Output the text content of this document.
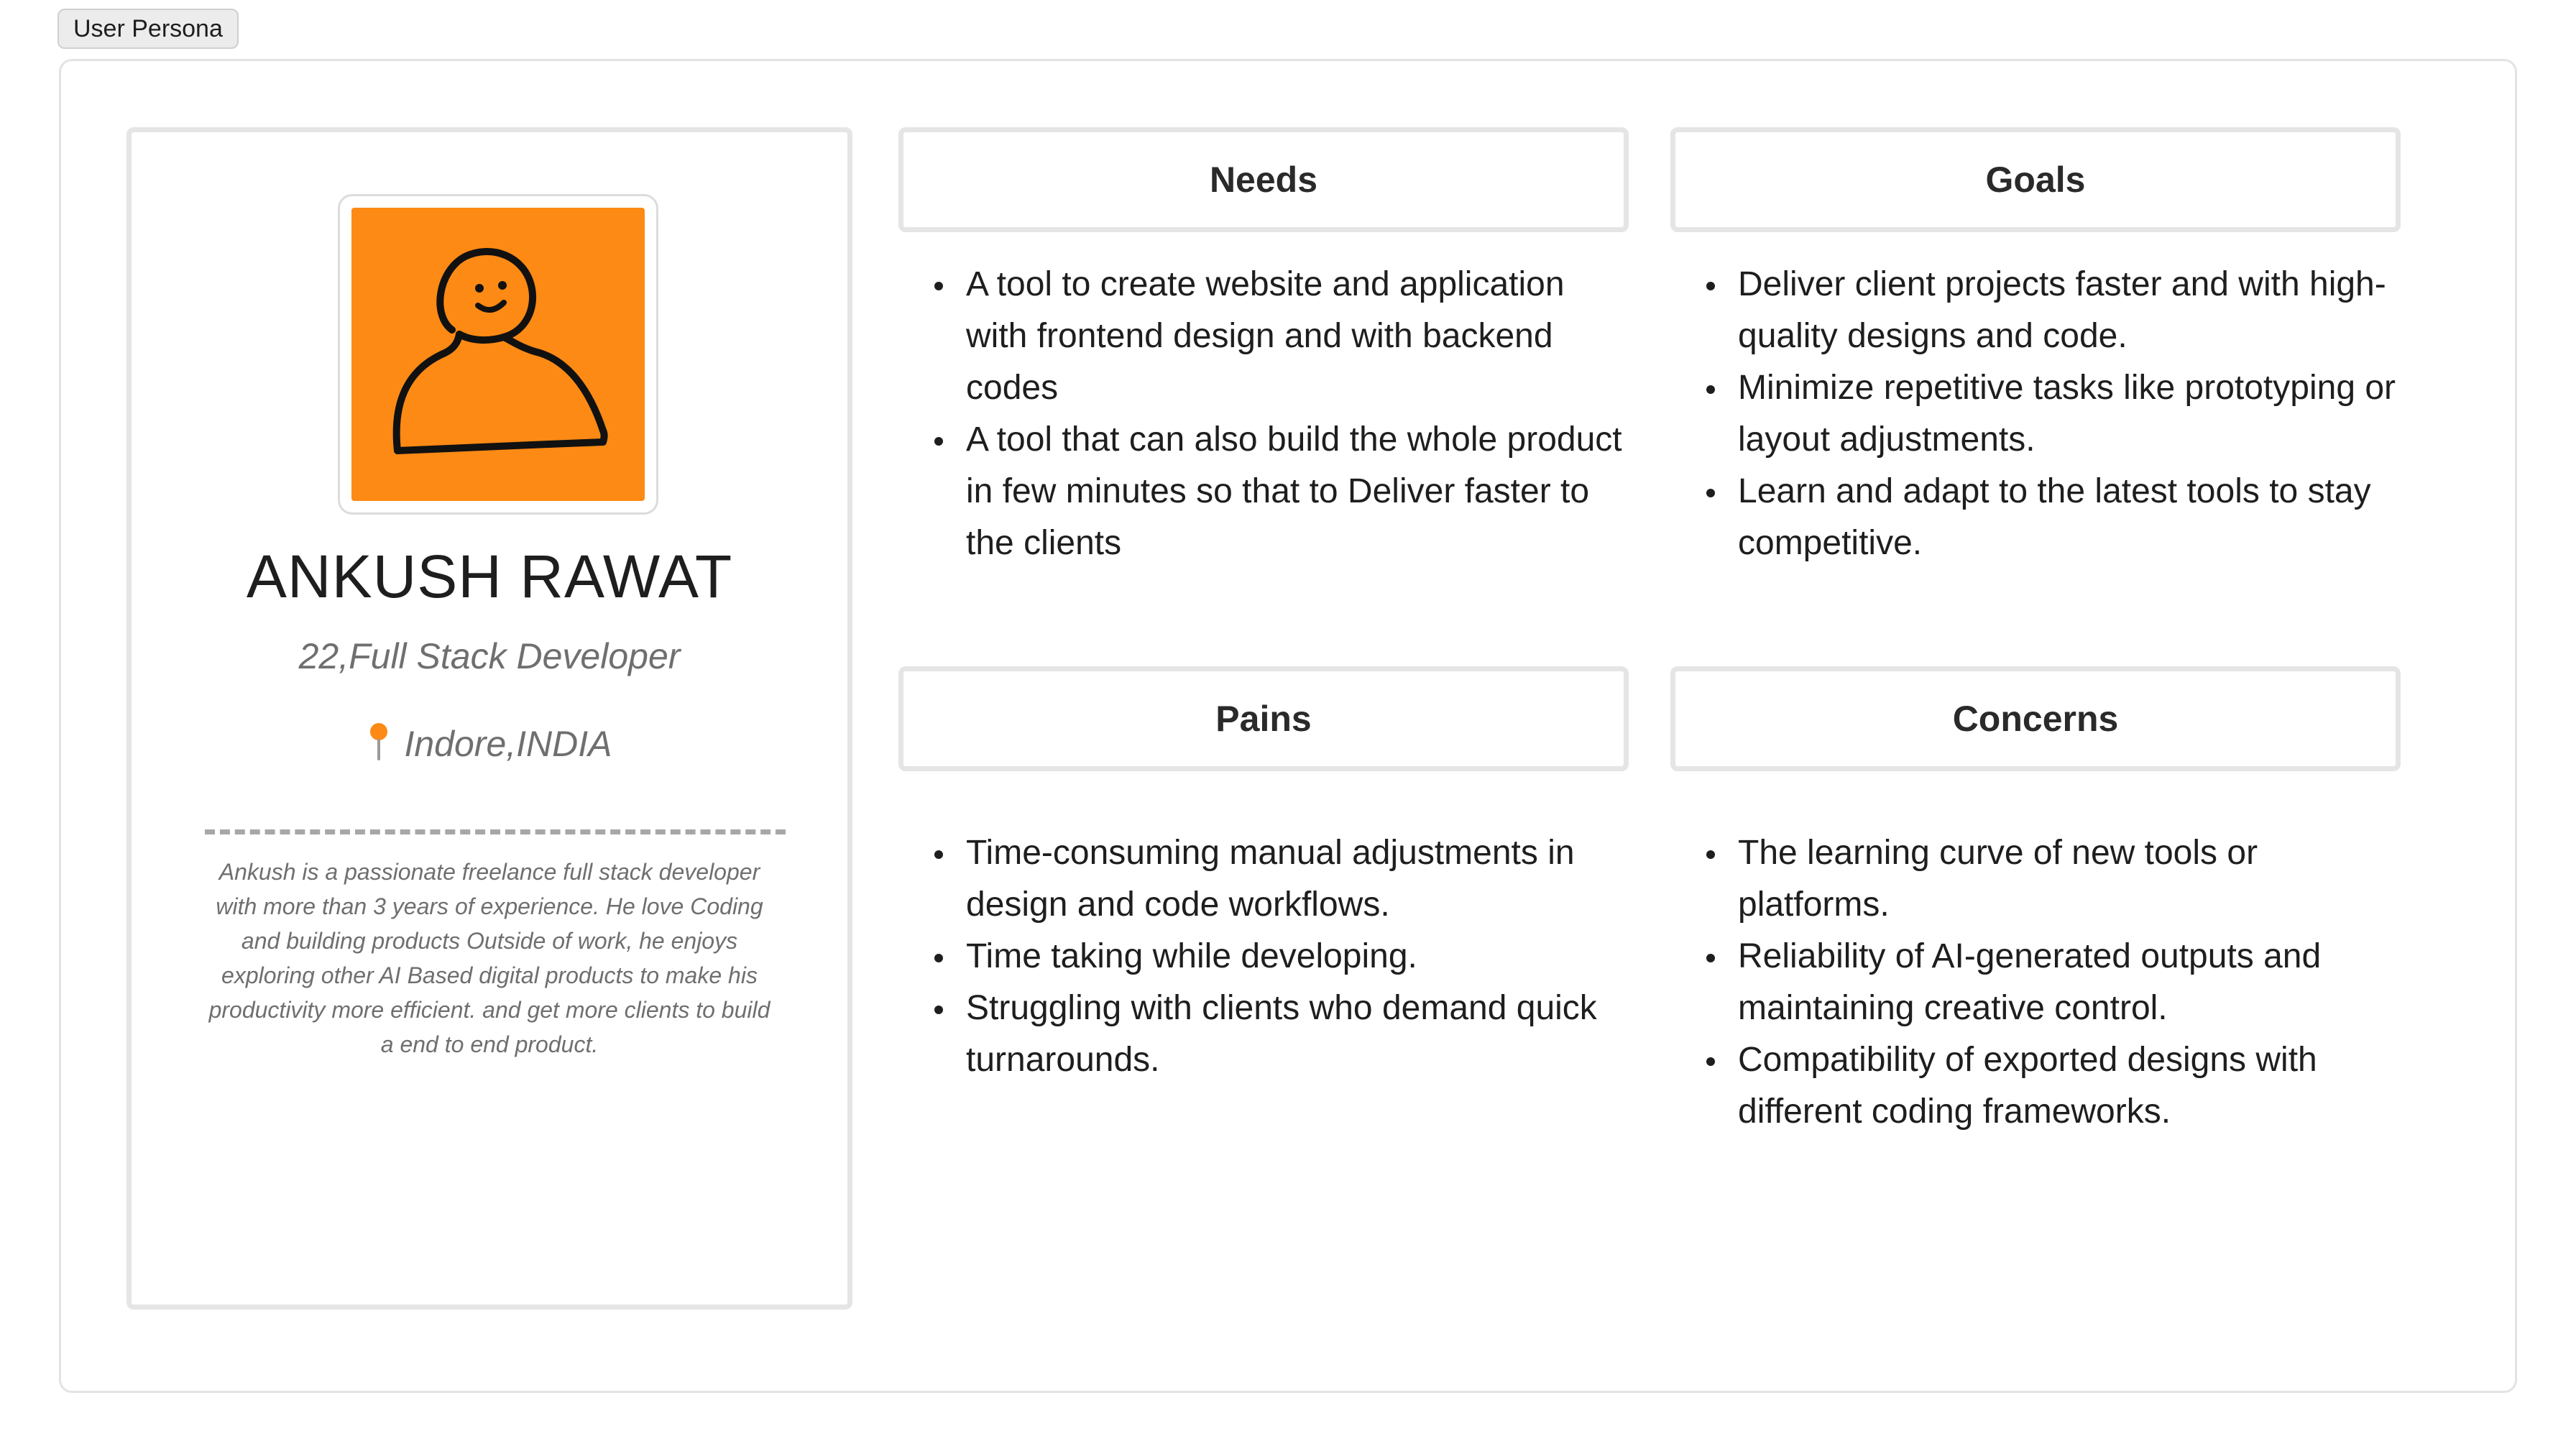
User Persona
ANKUSH RAWAT
22,Full Stack Developer
Indore,INDIA
Ankush is a passionate freelance full stack developer with more than 3 years of experience. He love Coding and building products Outside of work, he enjoys exploring other AI Based digital products to make his productivity more efficient. and get more clients to build a end to end product.
Needs
A tool to create website and application with frontend design and with backend codes
A tool that can also build the whole product in few minutes so that to Deliver faster to the clients
Goals
Deliver client projects faster and with high-quality designs and code.
Minimize repetitive tasks like prototyping or layout adjustments.
Learn and adapt to the latest tools to stay competitive.
Pains
Time-consuming manual adjustments in design and code workflows.
Time taking while developing.
Struggling with clients who demand quick turnarounds.
Concerns
The learning curve of new tools or platforms.
Reliability of AI-generated outputs and maintaining creative control.
Compatibility of exported designs with different coding frameworks.
